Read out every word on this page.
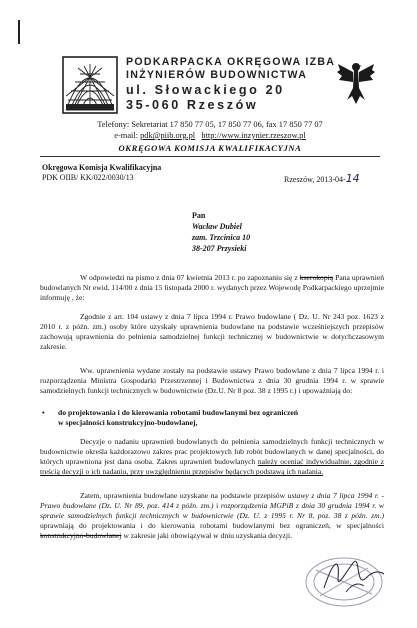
PODKARPACKA OKRĘGOWA IZBA
INŻYNIERÓW BUDOWNICTWA
ul. Słowackiego 20
35-060 Rzeszów
Telefony: Sekretariat 17 850 77 05, 17 850 77 06, fax 17 850 77 07
e-mail: pdk@piib.org.pl http://www.inzynier.rzeszow.pl
OKRĘGOWA KOMISJA KWALIFIKACYJNA
Okręgowa Komisja Kwalifikacyjna
PDK OIIB/ KK/022/0030/13	Rzeszów, 2013-04-14
Pan
Wacław Dubiel
zam. Trzcinica 10
38-207 Przysieki

W odpowiedzi na pismo z dnia 07 kwietnia 2013 r. po zapoznaniu się z kserokopią Pana uprawnień budowlanych Nr ewid. 114/00 z dnia 15 listopada 2000 r. wydanych przez Wojewodę Podkarpackiego uprzejmie informuję , że:

Zgodnie z art. 104 ustawy z dnia 7 lipca 1994 r. Prawo budowlane ( Dz. U. Nr 243 poz. 1623 z 2010 r. z późn. zm.) osoby które uzyskały uprawnienia budowlane na podstawie wcześniejszych przepisów zachowują uprawnienia do pełnienia samodzielnej funkcji technicznej w budownictwie w dotychczasowym zakresie.

Ww. uprawnienia wydane zostały na podstawie ustawy Prawo budowlane z dnia 7 lipca 1994 r. i rozporządzenia Ministra Gospodarki Przestrzennej i Budownictwa z dnia 30 grudnia 1994 r. w sprawie samodzielnych funkcji technicznych w budownictwie (Dz.U. Nr 8 poz. 38 z 1995 r.) i upoważniają do:

• do projektowania i do kierowania robotami budowlanymi bez ograniczeń
w specjalności konstrukcyjno-budowlanej,

Decyzje o nadaniu uprawnień budowlanych do pełnienia samodzielnych funkcji technicznych w budownictwie określa każdorazowo zakres prac projektowych lub robót budowlanych w danej specjalności, do których uprawniona jest dana osoba. Zakres uprawnień budowlanych należy oceniać indywidualnie, zgodnie z treścią decyzji o ich nadaniu, przy uwzględnieniu przepisów będących podstawą ich nadania.

Zatem, uprawnienia budowlane uzyskane na podstawie przepisów ustawy z dnia 7 lipca 1994 r. - Prawo budowlane (Dz. U. Nr 89, poz. 414 z późn. zm.) i rozporządzenia MGPiB z dnia 30 grudnia 1994 r. w sprawie samodzielnych funkcji technicznych w budownictwie (Dz. U. z 1995 r. Nr 8, poz. 38 z późn. zm.) uprawniają do projektowania i do kierowania robotami budowlanymi bez ograniczeń, w specjalności konstrukcyjno-budowlanej w zakresie jaki obowiązywał w dniu uzyskania decyzji.
